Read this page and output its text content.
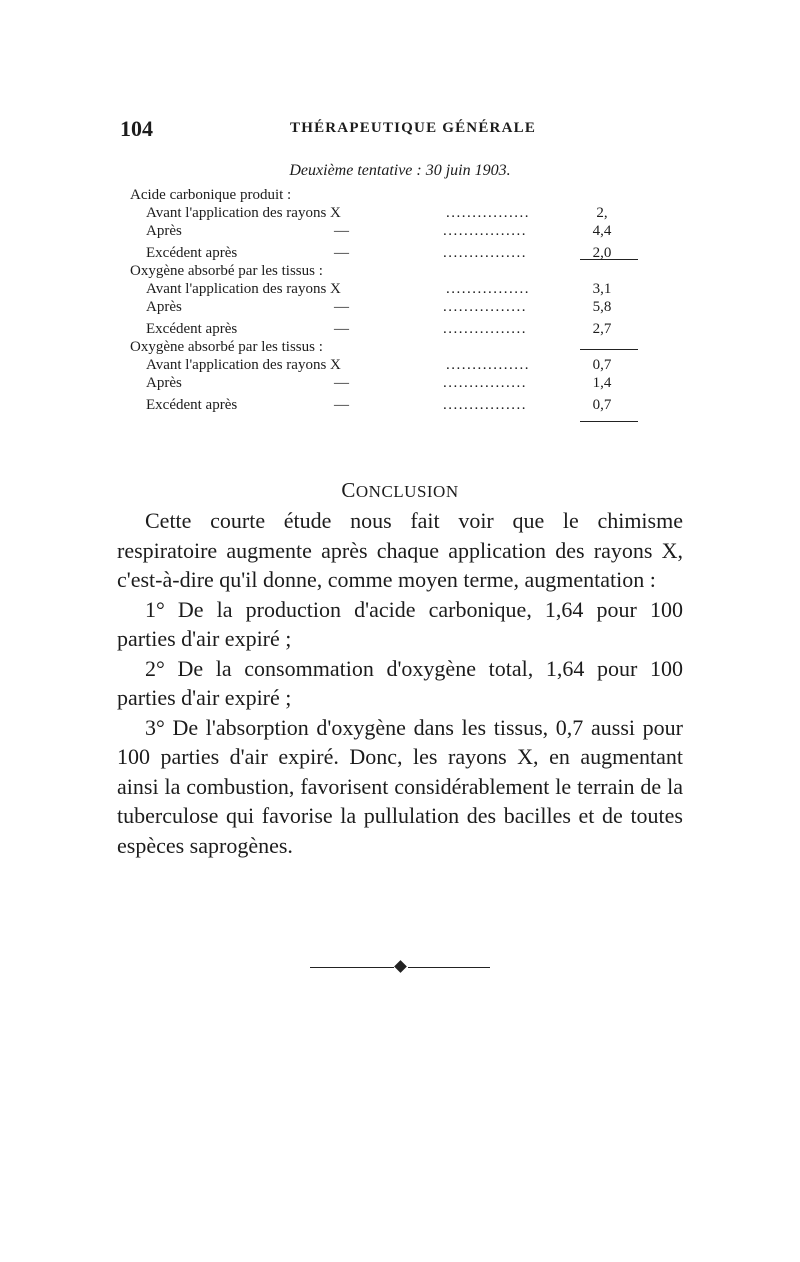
104	THÉRAPEUTIQUE GÉNÉRALE
Deuxième tentative : 30 juin 1903.
Acide carbonique produit :
Avant l'application des rayons X	................	2,
Après	—	................	4,4
Excédent après	—	................	2,0
Oxygène absorbé par les tissus :
Avant l'application des rayons X	................	3,1
Après	—	................	5,8
Excédent après	—	................	2,7
Oxygène absorbé par les tissus :
Avant l'application des rayons X	................	0,7
Après	—	................	1,4
Excédent après	—	................	0,7
CONCLUSION

Cette courte étude nous fait voir que le chimisme respiratoire augmente après chaque application des rayons X, c'est-à-dire qu'il donne, comme moyen terme, augmentation :

1° De la production d'acide carbonique, 1,64 pour 100 parties d'air expiré ;

2° De la consommation d'oxygène total, 1,64 pour 100 parties d'air expiré ;

3° De l'absorption d'oxygène dans les tissus, 0,7 aussi pour 100 parties d'air expiré. Donc, les rayons X, en augmentant ainsi la combustion, favorisent considérablement le terrain de la tuberculose qui favorise la pullulation des bacilles et de toutes espèces saprogènes.
